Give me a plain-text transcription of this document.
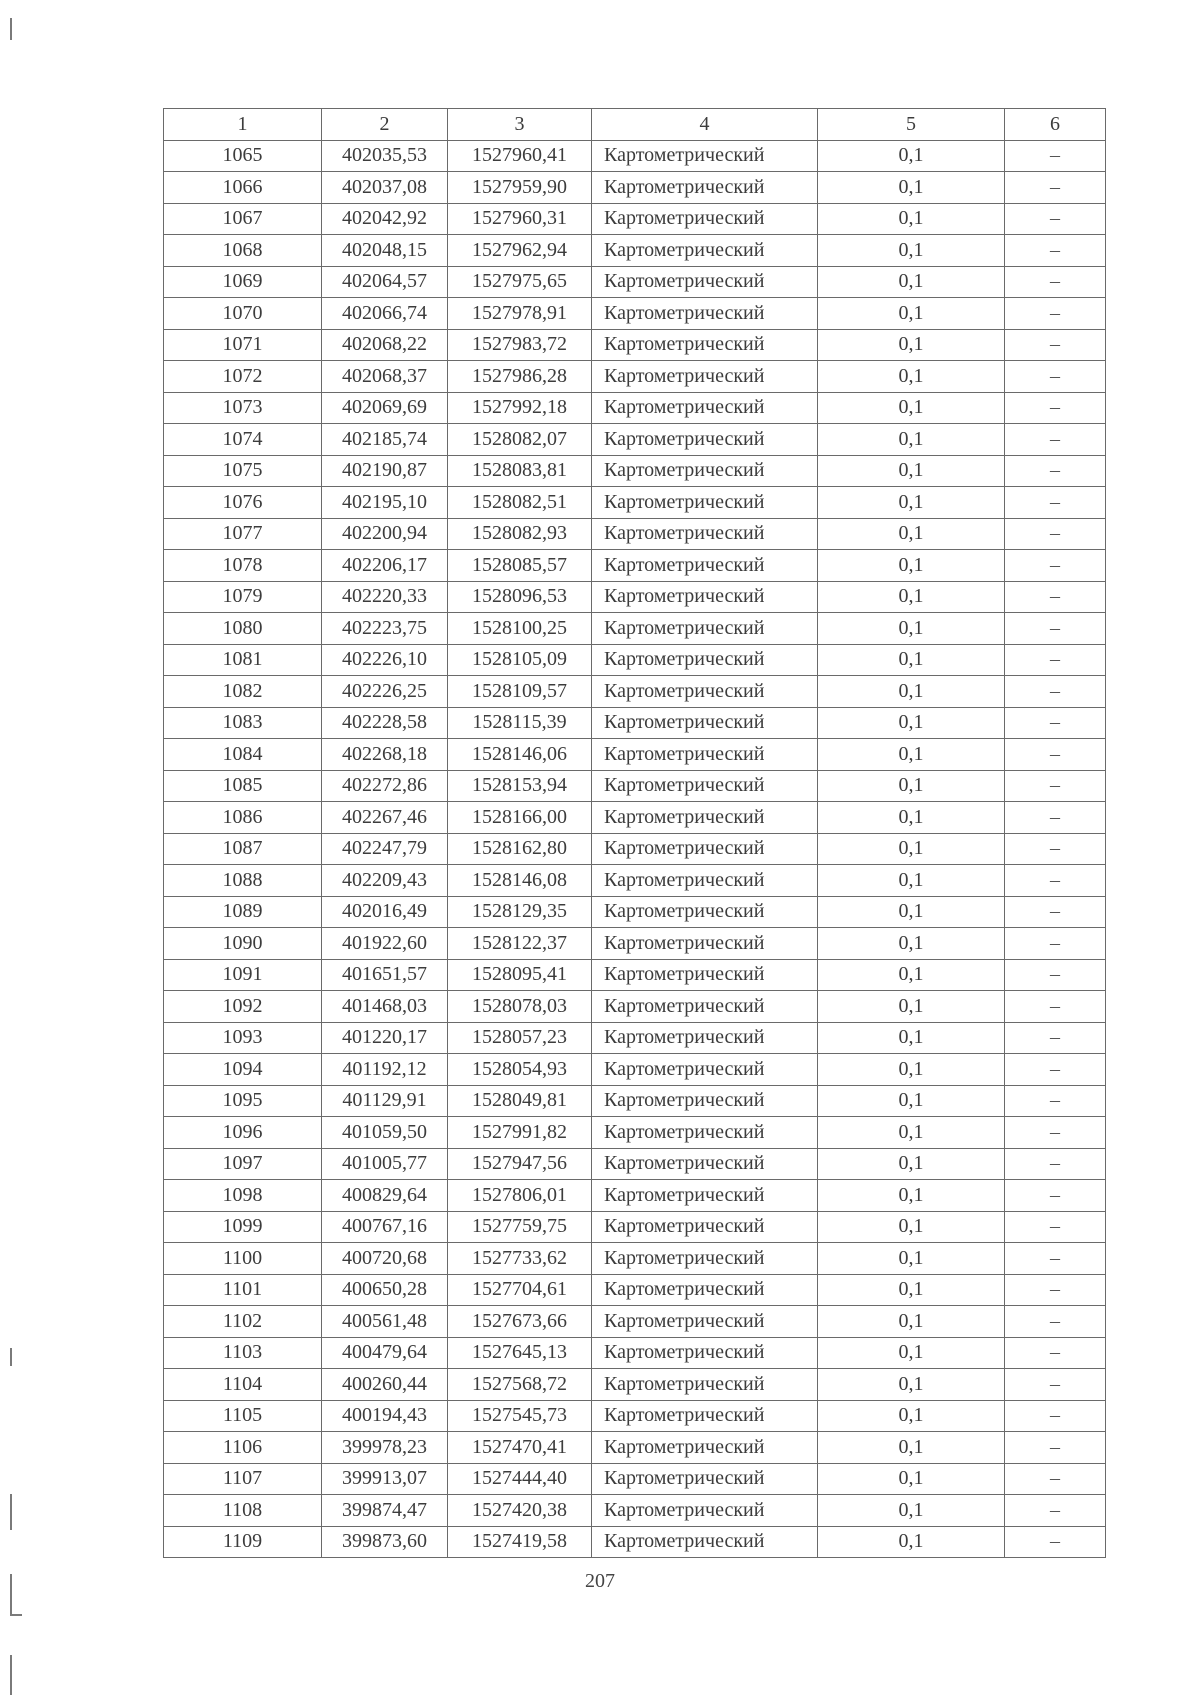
1	2	3	4	5	6
1065	402035,53	1527960,41	Картометрический	0,1	–
1066	402037,08	1527959,90	Картометрический	0,1	–
1067	402042,92	1527960,31	Картометрический	0,1	–
1068	402048,15	1527962,94	Картометрический	0,1	–
1069	402064,57	1527975,65	Картометрический	0,1	–
1070	402066,74	1527978,91	Картометрический	0,1	–
1071	402068,22	1527983,72	Картометрический	0,1	–
1072	402068,37	1527986,28	Картометрический	0,1	–
1073	402069,69	1527992,18	Картометрический	0,1	–
1074	402185,74	1528082,07	Картометрический	0,1	–
1075	402190,87	1528083,81	Картометрический	0,1	–
1076	402195,10	1528082,51	Картометрический	0,1	–
1077	402200,94	1528082,93	Картометрический	0,1	–
1078	402206,17	1528085,57	Картометрический	0,1	–
1079	402220,33	1528096,53	Картометрический	0,1	–
1080	402223,75	1528100,25	Картометрический	0,1	–
1081	402226,10	1528105,09	Картометрический	0,1	–
1082	402226,25	1528109,57	Картометрический	0,1	–
1083	402228,58	1528115,39	Картометрический	0,1	–
1084	402268,18	1528146,06	Картометрический	0,1	–
1085	402272,86	1528153,94	Картометрический	0,1	–
1086	402267,46	1528166,00	Картометрический	0,1	–
1087	402247,79	1528162,80	Картометрический	0,1	–
1088	402209,43	1528146,08	Картометрический	0,1	–
1089	402016,49	1528129,35	Картометрический	0,1	–
1090	401922,60	1528122,37	Картометрический	0,1	–
1091	401651,57	1528095,41	Картометрический	0,1	–
1092	401468,03	1528078,03	Картометрический	0,1	–
1093	401220,17	1528057,23	Картометрический	0,1	–
1094	401192,12	1528054,93	Картометрический	0,1	–
1095	401129,91	1528049,81	Картометрический	0,1	–
1096	401059,50	1527991,82	Картометрический	0,1	–
1097	401005,77	1527947,56	Картометрический	0,1	–
1098	400829,64	1527806,01	Картометрический	0,1	–
1099	400767,16	1527759,75	Картометрический	0,1	–
1100	400720,68	1527733,62	Картометрический	0,1	–
1101	400650,28	1527704,61	Картометрический	0,1	–
1102	400561,48	1527673,66	Картометрический	0,1	–
1103	400479,64	1527645,13	Картометрический	0,1	–
1104	400260,44	1527568,72	Картометрический	0,1	–
1105	400194,43	1527545,73	Картометрический	0,1	–
1106	399978,23	1527470,41	Картометрический	0,1	–
1107	399913,07	1527444,40	Картометрический	0,1	–
1108	399874,47	1527420,38	Картометрический	0,1	–
1109	399873,60	1527419,58	Картометрический	0,1	–
207
